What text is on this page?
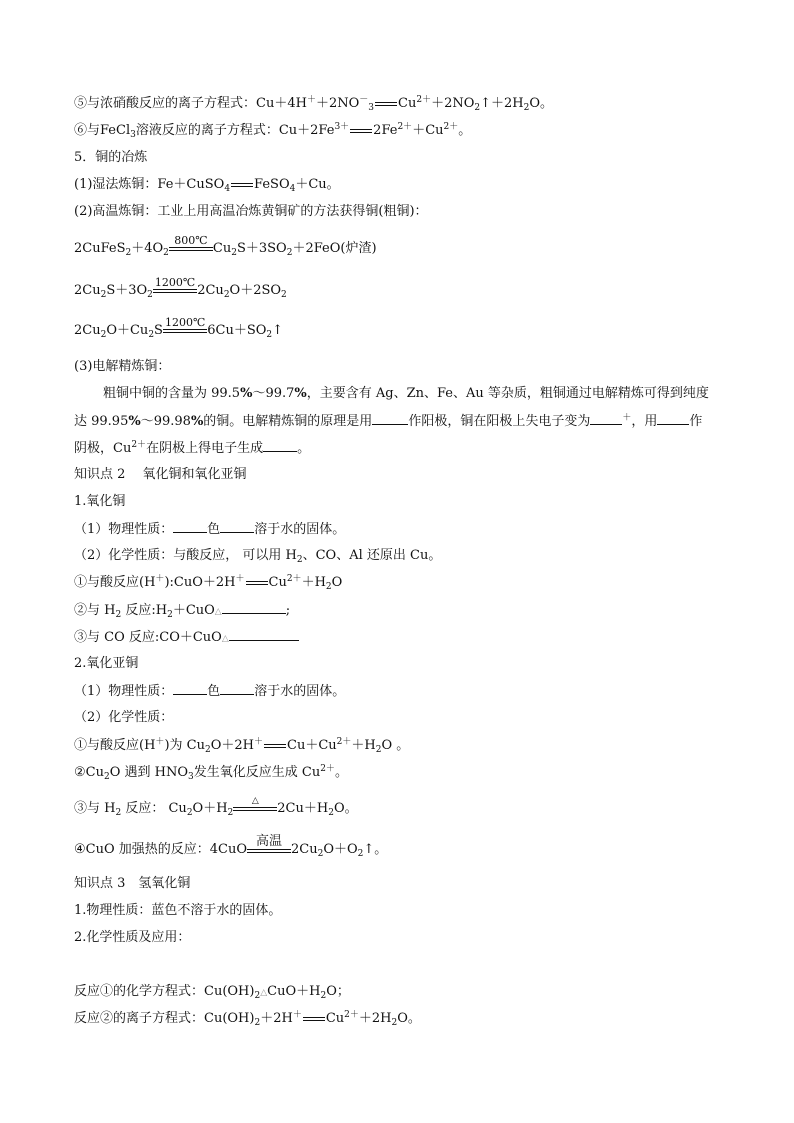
⑤与浓硝酸反应的离子方程式：$Cu+4H^++2NO^-_3$ $Cu^{2+}+2NO_2↑+2H_2O$。
⑥与FeCl$_3$溶液反应的离子方程式：$Cu+2Fe^{3+}$ $2Fe^{2+}+Cu^{2+}$。
5．铜的冶炼
(1)湿法炼铜：Fe＋CuSO$_4$ FeSO$_4$＋Cu。
(2)高温炼铜：工业上用高温冶炼黄铜矿的方法获得铜(粗铜)：
$2CuFeS_2+4O_2$
800℃
$Cu_2S+3SO_2+2FeO$(炉渣)
$2Cu_2S+3O_2$
1200℃
$2Cu_2O+2SO_2$
$2Cu_2O+Cu_2S$
1200℃
$6Cu+SO_2↑$
(3)电解精炼铜：
粗铜中铜的含量为 99.5%～99.7%，主要含有 Ag、Zn、Fe、Au 等杂质，粗铜通过电解精炼可得到纯度
达 99.95%～99.98%的铜。电解精炼铜的原理是用	作阳极，铜在阳极上失电子变为	＋，用 作
阴极，$Cu^{2+}$在阴极上得电子生成	。
知识点 2　 氧化铜和氧化亚铜
1.氧化铜
（1）物理性质：	色	溶于水的固体。
（2）化学性质：与酸反应， 可以用 $H_2$、CO、Al 还原出 Cu。
①与酸反应(H＋):CuO＋2H＋ $Cu^{2+}+H_2O$
②与 $H_2$ 反应$:H_2+CuO\triangle$	;
③与 CO 反应:CO＋CuO△
2.氧化亚铜
（1）物理性质：	色	溶于水的固体。
（2）化学性质：
①与酸反应(H＋)为 $Cu_2O+2H^+$ $Cu+Cu^{2+}+H_2O$ 。
$②Cu_2O$ 遇到 $HNO_3$发生氧化反应生成 $Cu^{2+}$。
③与 $H_2$ 反应： $Cu_2O+H_2$
△
$2Cu+H_2O$。
④CuO 加强热的反应：4CuO
高温
$2Cu_2O+O_2↑$。
知识点 3　氢氧化铜
1.物理性质：蓝色不溶于水的固体。
2.化学性质及应用：
反应①的化学方程式：$Cu(OH)_2\triangle CuO+H_2O$；
反应②的离子方程式：$Cu(OH)_2+2H^+$ $Cu^{2+}+2H_2O$。
